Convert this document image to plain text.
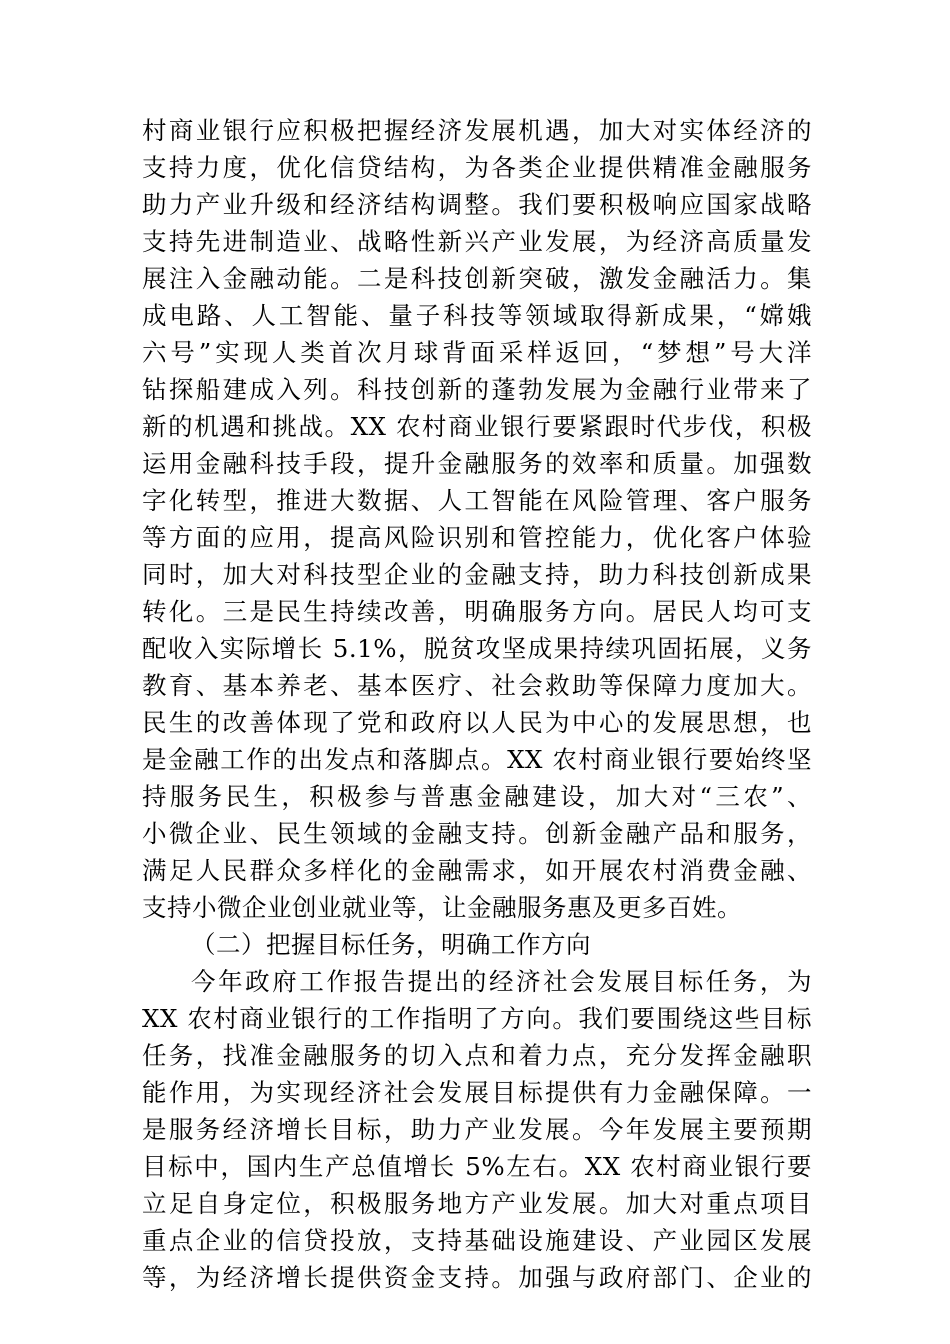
村商业银行应积极把握经济发展机遇，加大对实体经济的
支持力度，优化信贷结构，为各类企业提供精准金融服务
助力产业升级和经济结构调整。我们要积极响应国家战略
支持先进制造业、战略性新兴产业发展，为经济高质量发
展注入金融动能。二是科技创新突破，激发金融活力。集
成电路、人工智能、量子科技等领域取得新成果，“嫦娥
六号”实现人类首次月球背面采样返回，“梦想”号大洋
钻探船建成入列。科技创新的蓬勃发展为金融行业带来了
新的机遇和挑战。XX 农村商业银行要紧跟时代步伐，积极
运用金融科技手段，提升金融服务的效率和质量。加强数
字化转型，推进大数据、人工智能在风险管理、客户服务
等方面的应用，提高风险识别和管控能力，优化客户体验
同时，加大对科技型企业的金融支持，助力科技创新成果
转化。三是民生持续改善，明确服务方向。居民人均可支
配收入实际增长 5.1%，脱贫攻坚成果持续巩固拓展，义务
教育、基本养老、基本医疗、社会救助等保障力度加大。
民生的改善体现了党和政府以人民为中心的发展思想，也
是金融工作的出发点和落脚点。XX 农村商业银行要始终坚
持服务民生，积极参与普惠金融建设，加大对“三农”、
小微企业、民生领域的金融支持。创新金融产品和服务，
满足人民群众多样化的金融需求，如开展农村消费金融、
支持小微企业创业就业等，让金融服务惠及更多百姓。
（二）把握目标任务，明确工作方向
今年政府工作报告提出的经济社会发展目标任务，为
XX 农村商业银行的工作指明了方向。我们要围绕这些目标
任务，找准金融服务的切入点和着力点，充分发挥金融职
能作用，为实现经济社会发展目标提供有力金融保障。一
是服务经济增长目标，助力产业发展。今年发展主要预期
目标中，国内生产总值增长 5%左右。XX 农村商业银行要
立足自身定位，积极服务地方产业发展。加大对重点项目
重点企业的信贷投放，支持基础设施建设、产业园区发展
等，为经济增长提供资金支持。加强与政府部门、企业的
